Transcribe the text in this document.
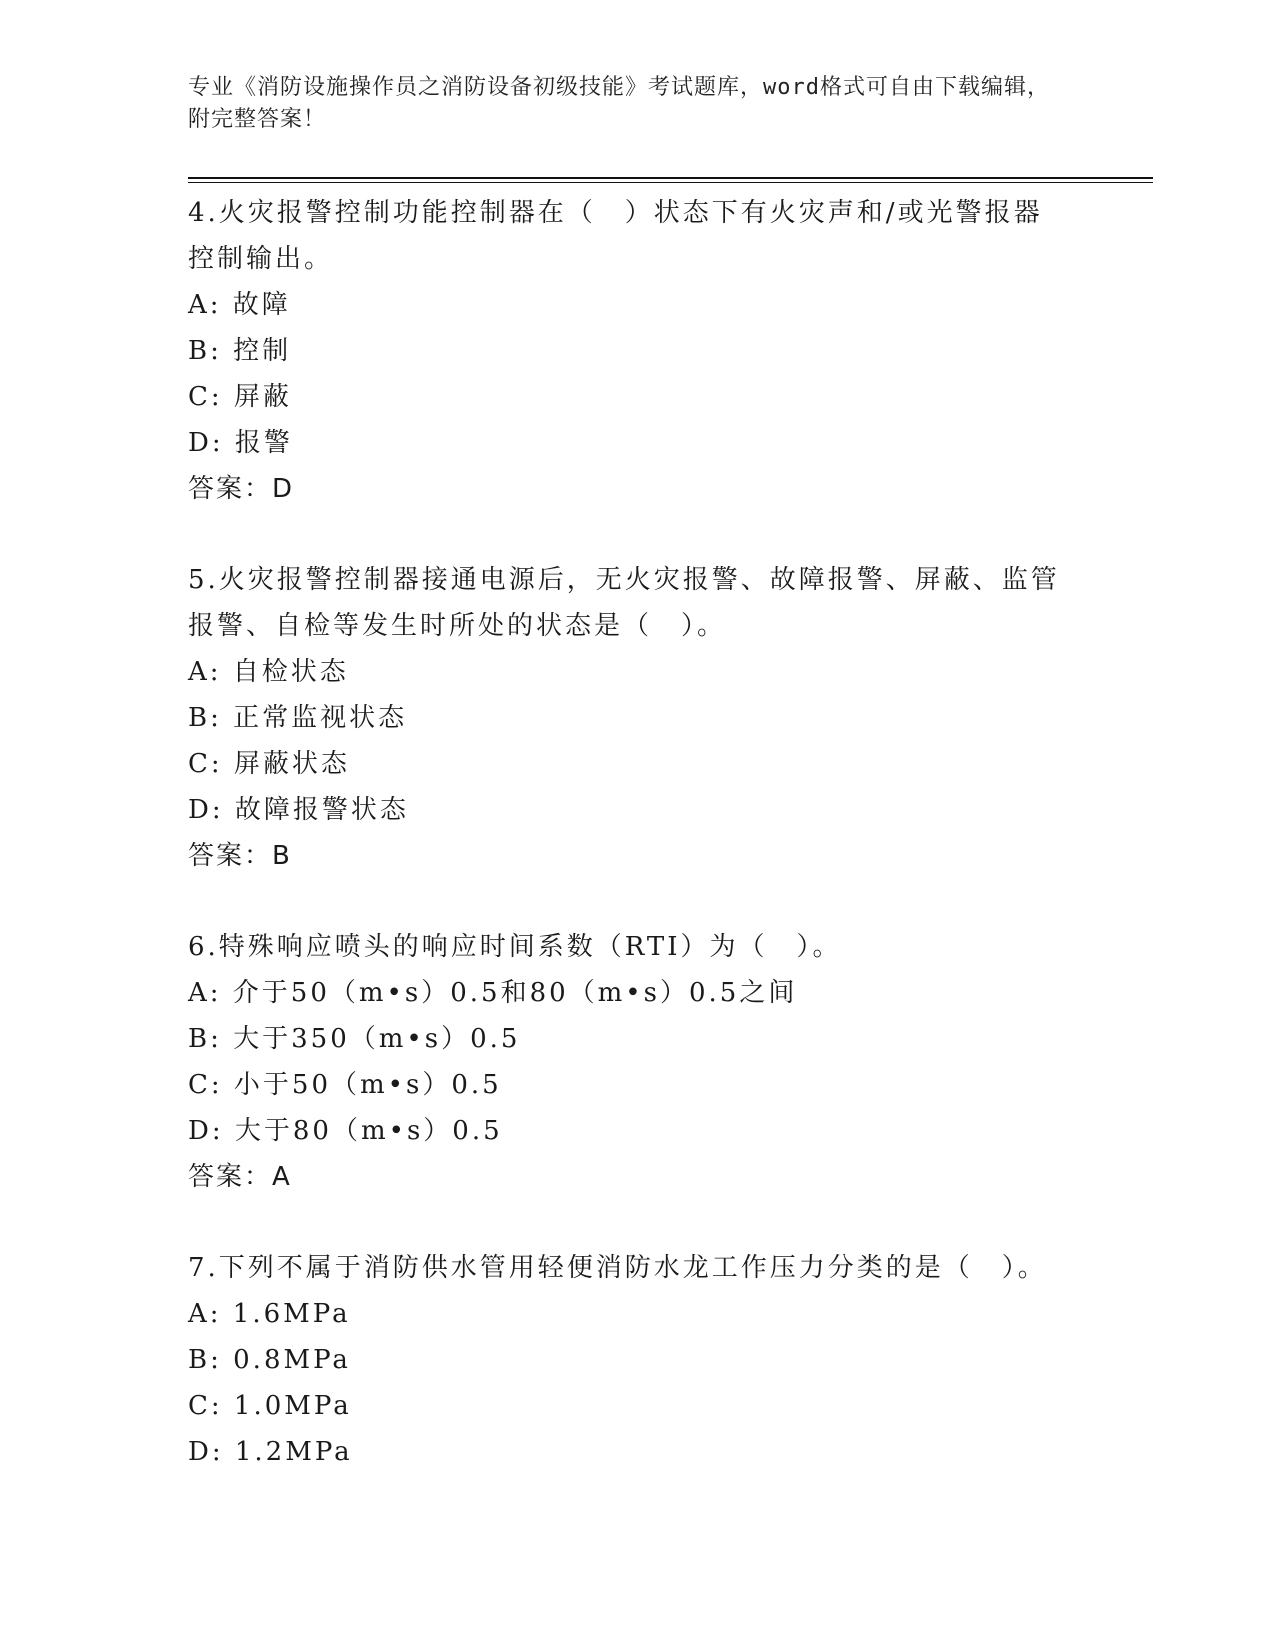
专业《消防设施操作员之消防设备初级技能》考试题库，word格式可自由下载编辑，附完整答案！

4.火灾报警控制功能控制器在（　）状态下有火灾声和/或光警报器控制输出。

A: 故障

B: 控制

C: 屏蔽

D: 报警

答案：D

5.火灾报警控制器接通电源后，无火灾报警、故障报警、屏蔽、监管报警、自检等发生时所处的状态是（　）。

A: 自检状态

B: 正常监视状态

C: 屏蔽状态

D: 故障报警状态

答案：B

6.特殊响应喷头的响应时间系数（RTI）为（　）。

A: 介于50（m•s）0.5和80（m•s）0.5之间

B: 大于350（m•s）0.5

C: 小于50（m•s）0.5

D: 大于80（m•s）0.5

答案：A

7.下列不属于消防供水管用轻便消防水龙工作压力分类的是（　）。

A: 1.6MPa

B: 0.8MPa

C: 1.0MPa

D: 1.2MPa
